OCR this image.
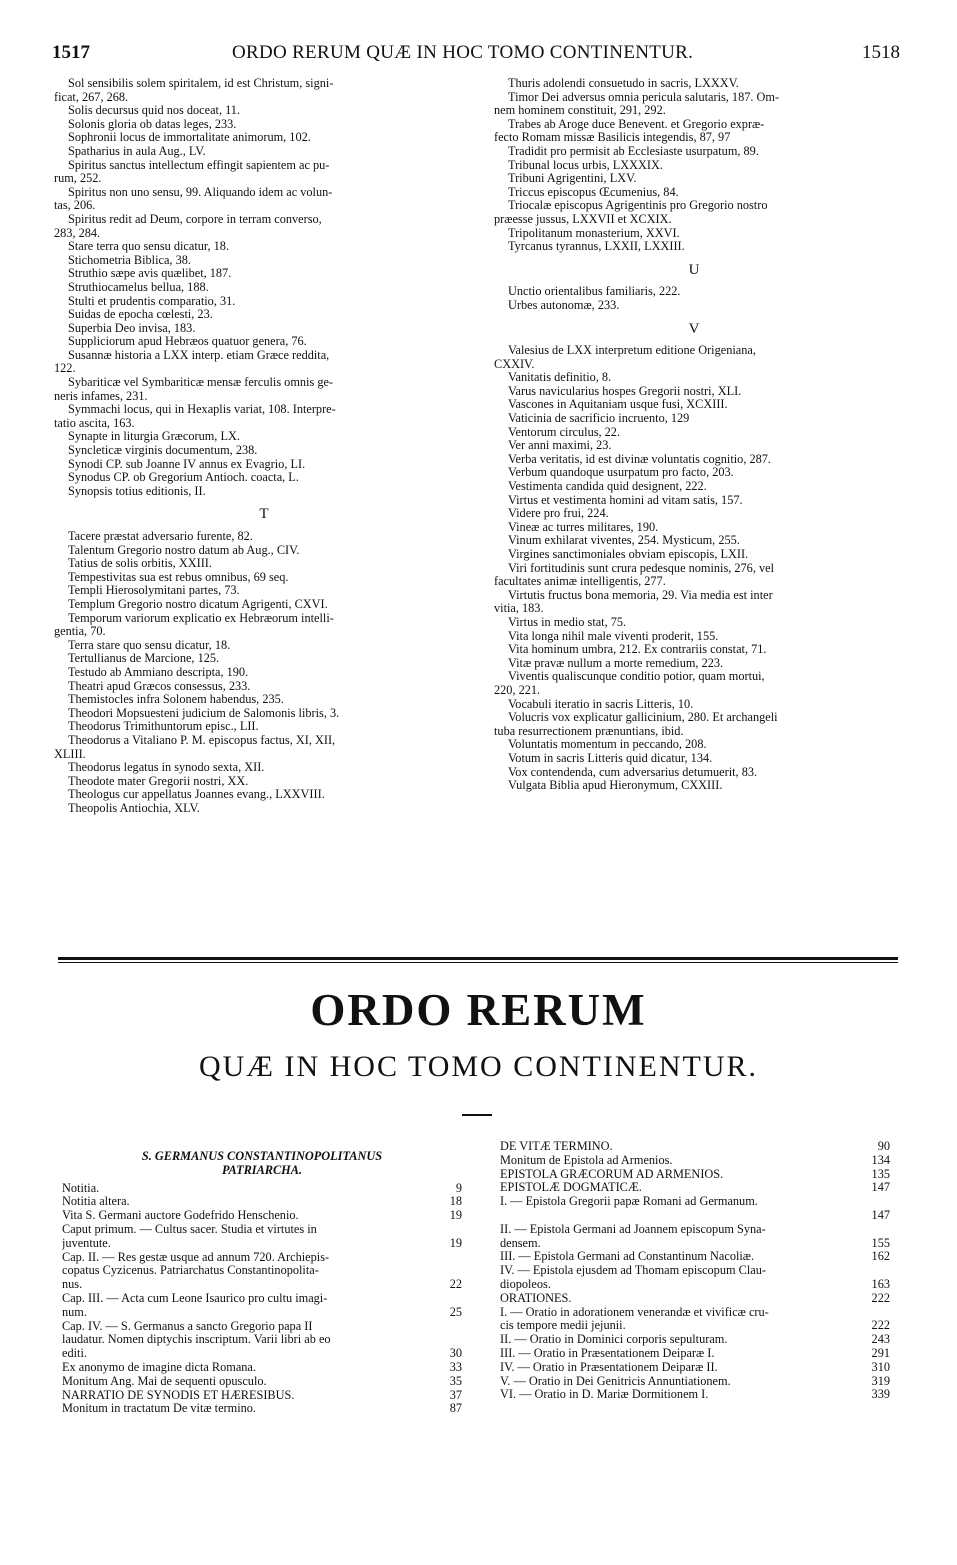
1517	ORDO RERUM QUÆ IN HOC TOMO CONTINENTUR.	1518
Sol sensibilis solem spiritalem, id est Christum, signi-
ficat, 267, 268.
Solis decursus quid nos doceat, 11.
Solonis gloria ob datas leges, 233.
Sophronii locus de immortalitate animorum, 102.
Spatharius in aula Aug., LV.
Spiritus sanctus intellectum effingit sapientem ac pu-
rum, 252.
Spiritus non uno sensu, 99. Aliquando idem ac volun-
tas, 206.
Spiritus redit ad Deum, corpore in terram converso,
283, 284.
Stare terra quo sensu dicatur, 18.
Stichometria Biblica, 38.
Struthio sæpe avis quælibet, 187.
Struthiocamelus bellua, 188.
Stulti et prudentis comparatio, 31.
Suidas de epocha cœlesti, 23.
Superbia Deo invisa, 183.
Suppliciorum apud Hebræos quatuor genera, 76.
Susannæ historia a LXX interp. etiam Græce reddita,
122.
Sybariticæ vel Symbariticæ mensæ ferculis omnis ge-
neris infames, 231.
Symmachi locus, qui in Hexaplis variat, 108. Interpre-
tatio ascita, 163.
Synapte in liturgia Græcorum, LX.
Syncleticæ virginis documentum, 238.
Synodi CP. sub Joanne IV annus ex Evagrio, LI.
Synodus CP. ob Gregorium Antioch. coacta, L.
Synopsis totius editionis, II.
T
Tacere præstat adversario furente, 82.
Talentum Gregorio nostro datum ab Aug., CIV.
Tatius de solis orbitis, XXIII.
Tempestivitas sua est rebus omnibus, 69 seq.
Templi Hierosolymitani partes, 73.
Templum Gregorio nostro dicatum Agrigenti, CXVI.
Temporum variorum explicatio ex Hebræorum intelli-
gentia, 70.
Terra stare quo sensu dicatur, 18.
Tertullianus de Marcione, 125.
Testudo ab Ammiano descripta, 190.
Theatri apud Græcos consessus, 233.
Themistocles infra Solonem habendus, 235.
Theodori Mopsuesteni judicium de Salomonis libris, 3.
Theodorus Trimithuntorum episc., LII.
Theodorus a Vitaliano P. M. episcopus factus, XI, XII,
XLIII.
Theodorus legatus in synodo sexta, XII.
Theodote mater Gregorii nostri, XX.
Theologus cur appellatus Joannes evang., LXXVIII.
Theopolis Antiochia, XLV.
Thuris adolendi consuetudo in sacris, LXXXV.
Timor Dei adversus omnia pericula salutaris, 187. Om-
nem hominem constituit, 291, 292.
Trabes ab Aroge duce Benevent. et Gregorio expræ-
fecto Romam missæ Basilicis integendis, 87, 97
Tradidit pro permisit ab Ecclesiaste usurpatum, 89.
Tribunal locus urbis, LXXXIX.
Tribuni Agrigentini, LXV.
Triccus episcopus Œcumenius, 84.
Triocalæ episcopus Agrigentinis pro Gregorio nostro
præesse jussus, LXXVII et XCXIX.
Tripolitanum monasterium, XXVI.
Tyrcanus tyrannus, LXXII, LXXIII.
U
Unctio orientalibus familiaris, 222.
Urbes autonomæ, 233.
V
Valesius de LXX interpretum editione Origeniana,
CXXIV.
Vanitatis definitio, 8.
Varus navicularius hospes Gregorii nostri, XLI.
Vascones in Aquitaniam usque fusi, XCXIII.
Vaticinia de sacrificio incruento, 129
Ventorum circulus, 22.
Ver anni maximi, 23.
Verba veritatis, id est divinæ voluntatis cognitio, 287.
Verbum quandoque usurpatum pro facto, 203.
Vestimenta candida quid designent, 222.
Virtus et vestimenta homini ad vitam satis, 157.
Videre pro frui, 224.
Vineæ ac turres militares, 190.
Vinum exhilarat viventes, 254. Mysticum, 255.
Virgines sanctimoniales obviam episcopis, LXII.
Viri fortitudinis sunt crura pedesque nominis, 276, vel
facultates animæ intelligentis, 277.
Virtutis fructus bona memoria, 29. Via media est inter
vitia, 183.
Virtus in medio stat, 75.
Vita longa nihil male viventi proderit, 155.
Vita hominum umbra, 212. Ex contrariis constat, 71.
Vitæ pravæ nullum a morte remedium, 223.
Viventis qualiscunque conditio potior, quam mortui,
220, 221.
Vocabuli iteratio in sacris Litteris, 10.
Volucris vox explicatur gallicinium, 280. Et archangeli
tuba resurrectionem prænuntians, ibid.
Voluntatis momentum in peccando, 208.
Votum in sacris Litteris quid dicatur, 134.
Vox contendenda, cum adversarius detumuerit, 83.
Vulgata Biblia apud Hieronymum, CXXIII.
ORDO RERUM
QUÆ IN HOC TOMO CONTINENTUR.
S. GERMANUS CONSTANTINOPOLITANUS
PATRIARCHA.
Notitia.	9
Notitia altera.	18
Vita S. Germani auctore Godefrido Henschenio.	19
Caput primum. — Cultus sacer. Studia et virtutes in
juventute.	19
Cap. II. — Res gestæ usque ad annum 720. Archiepis-
copatus Cyzicenus. Patriarchatus Constantinopolita-
nus.	22
Cap. III. — Acta cum Leone Isaurico pro cultu imagi-
num.	25
Cap. IV. — S. Germanus a sancto Gregorio papa II
laudatur. Nomen diptychis inscriptum. Varii libri ab eo
editi.	30
Ex anonymo de imagine dicta Romana.	33
Monitum Ang. Mai de sequenti opusculo.	35
NARRATIO DE SYNODIS ET HÆRESIBUS.	37
Monitum in tractatum De vitæ termino.	87
DE VITÆ TERMINO.	90
Monitum de Epistola ad Armenios.	134
EPISTOLA GRÆCORUM AD ARMENIOS.	135
EPISTOLÆ DOGMATICÆ.	147
I. — Epistola Gregorii papæ Romani ad Germanum.
147
II. — Epistola Germani ad Joannem episcopum Syna-
densem.	155
III. — Epistola Germani ad Constantinum Nacoliæ.	162
IV. — Epistola ejusdem ad Thomam episcopum Clau-
diopoleos.	163
ORATIONES.	222
I. — Oratio in adorationem venerandæ et vivificæ cru-
cis tempore medii jejunii.	222
II. — Oratio in Dominici corporis sepulturam.	243
III. — Oratio in Præsentationem Deiparæ I.	291
IV. — Oratio in Præsentationem Deiparæ II.	310
V. — Oratio in Dei Genitricis Annuntiationem.	319
VI. — Oratio in D. Mariæ Dormitionem I.	339
